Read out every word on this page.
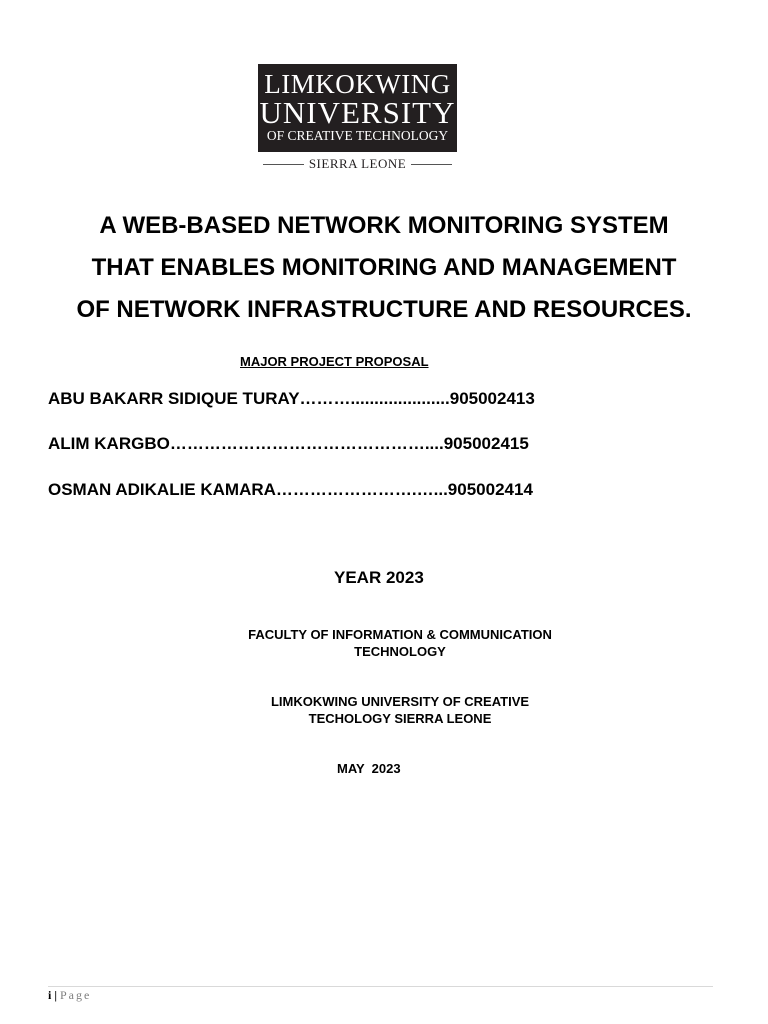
LIMKOKWING
UNIVERSITY
OF CREATIVE TECHNOLOGY
SIERRA LEONE
A WEB-BASED NETWORK MONITORING SYSTEM
THAT ENABLES MONITORING AND MANAGEMENT
OF NETWORK INFRASTRUCTURE AND RESOURCES.
MAJOR PROJECT PROPOSAL
ABU BAKARR SIDIQUE TURAY……….....................905002413
ALIM KARGBO………………………………………....905002415
OSMAN ADIKALIE KAMARA…………………….…...905002414
YEAR 2023
FACULTY OF INFORMATION & COMMUNICATION
TECHNOLOGY
LIMKOKWING UNIVERSITY OF CREATIVE
TECHOLOGY SIERRA LEONE
MAY  2023
i | Page
